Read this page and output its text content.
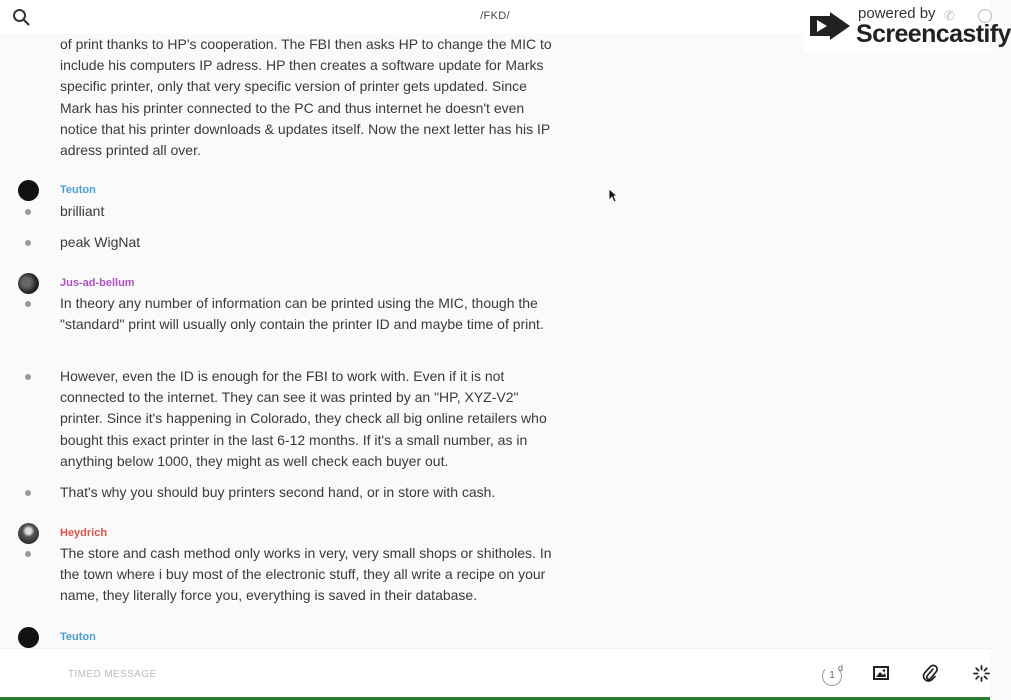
/FKD/	powered by
Screencastify
✆
of print thanks to HP's cooperation. The FBI then asks HP to change the MIC to include his computers IP adress. HP then creates a software update for Marks specific printer, only that very specific version of printer gets updated. Since Mark has his printer connected to the PC and thus internet he doesn't even notice that his printer downloads & updates itself. Now the next letter has his IP adress printed all over.
Teuton
brilliant
peak WigNat
Jus-ad-bellum
In theory any number of information can be printed using the MIC, though the "standard" print will usually only contain the printer ID and maybe time of print.
However, even the ID is enough for the FBI to work with. Even if it is not connected to the internet. They can see it was printed by an "HP, XYZ-V2" printer. Since it's happening in Colorado, they check all big online retailers who bought this exact printer in the last 6-12 months. If it's a small number, as in anything below 1000, they might as well check each buyer out.
That's why you should buy printers second hand, or in store with cash.
Heydrich
The store and cash method only works in very, very small shops or shitholes. In the town where i buy most of the electronic stuff, they all write a recipe on your name, they literally force you, everything is saved in their database.
Teuton
TIMED MESSAGE	1
d
